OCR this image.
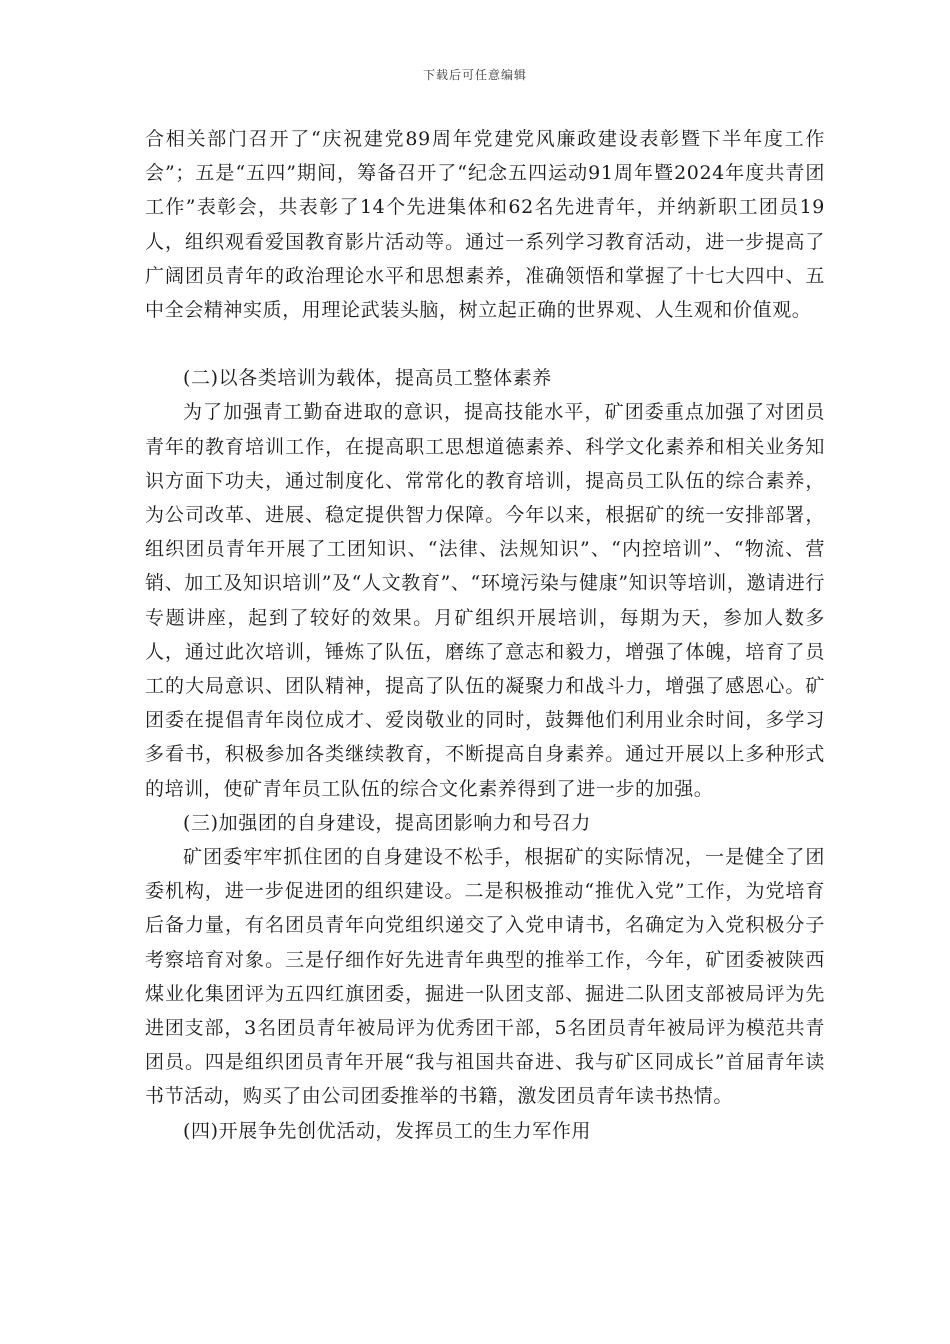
下载后可任意编辑

合相关部门召开了“庆祝建党89周年党建党风廉政建设表彰暨下半年度工作会”；五是“五四”期间，筹备召开了“纪念五四运动91周年暨2024年度共青团工作”表彰会，共表彰了14个先进集体和62名先进青年，并纳新职工团员19人，组织观看爱国教育影片活动等。通过一系列学习教育活动，进一步提高了广阔团员青年的政治理论水平和思想素养，准确领悟和掌握了十七大四中、五中全会精神实质，用理论武装头脑，树立起正确的世界观、人生观和价值观。

(二)以各类培训为载体，提高员工整体素养

为了加强青工勤奋进取的意识，提高技能水平，矿团委重点加强了对团员青年的教育培训工作，在提高职工思想道德素养、科学文化素养和相关业务知识方面下功夫，通过制度化、常常化的教育培训，提高员工队伍的综合素养，为公司改革、进展、稳定提供智力保障。今年以来，根据矿的统一安排部署，组织团员青年开展了工团知识、“法律、法规知识”、“内控培训”、“物流、营销、加工及知识培训”及“人文教育”、“环境污染与健康”知识等培训，邀请进行专题讲座，起到了较好的效果。月矿组织开展培训，每期为天，参加人数多人，通过此次培训，锤炼了队伍，磨练了意志和毅力，增强了体魄，培育了员工的大局意识、团队精神，提高了队伍的凝聚力和战斗力，增强了感恩心。矿团委在提倡青年岗位成才、爱岗敬业的同时，鼓舞他们利用业余时间，多学习多看书，积极参加各类继续教育，不断提高自身素养。通过开展以上多种形式的培训，使矿青年员工队伍的综合文化素养得到了进一步的加强。

(三)加强团的自身建设，提高团影响力和号召力

矿团委牢牢抓住团的自身建设不松手，根据矿的实际情况，一是健全了团委机构，进一步促进团的组织建设。二是积极推动“推优入党”工作，为党培育后备力量，有名团员青年向党组织递交了入党申请书，名确定为入党积极分子考察培育对象。三是仔细作好先进青年典型的推举工作，今年，矿团委被陕西煤业化集团评为五四红旗团委，掘进一队团支部、掘进二队团支部被局评为先进团支部，3名团员青年被局评为优秀团干部，5名团员青年被局评为模范共青团员。四是组织团员青年开展“我与祖国共奋进、我与矿区同成长”首届青年读书节活动，购买了由公司团委推举的书籍，激发团员青年读书热情。

(四)开展争先创优活动，发挥员工的生力军作用
